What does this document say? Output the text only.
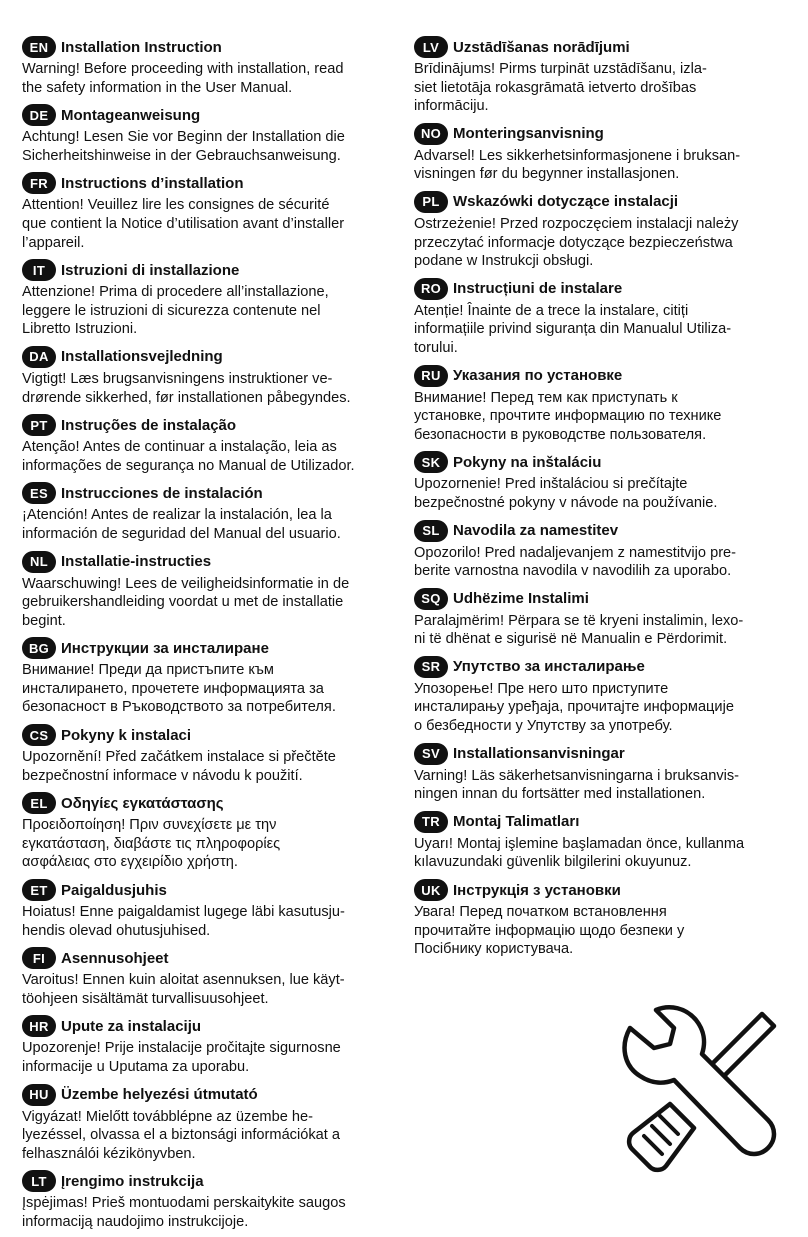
EN Installation Instruction
Warning! Before proceeding with installation, read
the safety information in the User Manual.
DE Montageanweisung
Achtung! Lesen Sie vor Beginn der Installation die
Sicherheitshinweise in der Gebrauchsanweisung.
FR Instructions d’installation
Attention! Veuillez lire les consignes de sécurité
que contient la Notice d’utilisation avant d’installer
l’appareil.
IT	Istruzioni di installazione
Attenzione! Prima di procedere all’installazione,
leggere le istruzioni di sicurezza contenute nel
Libretto Istruzioni.
DA Installationsvejledning
Vigtigt! Læs brugsanvisningens instruktioner ve-
drørende sikkerhed, før installationen påbegyndes.
PT Instruções de instalação
Atenção! Antes de continuar a instalação, leia as
informações de segurança no Manual de Utilizador.
ES Instrucciones de instalación
¡Atención! Antes de realizar la instalación, lea la
información de seguridad del Manual del usuario.
NL Installatie-instructies
Waarschuwing! Lees de veiligheidsinformatie in de
gebruikershandleiding voordat u met de installatie
begint.
BG Инструкции за инсталиране
Внимание! Преди да пристъпите към
инсталирането, прочетете информацията за
безопасност в Ръководството за потребителя.
CS Pokyny k instalaci
Upozornění! Před začátkem instalace si přečtěte
bezpečnostní informace v návodu k použití.
EL Οδηγίες εγκατάστασης
Προειδοποίηση! Πριν συνεχίσετε με την
εγκατάσταση, διαβάστε τις πληροφορίες
ασφάλειας στο εγχειρίδιο χρήστη.
ET Paigaldusjuhis
Hoiatus! Enne paigaldamist lugege läbi kasutusju-
hendis olevad ohutusjuhised.
FI	Asennusohjeet
Varoitus! Ennen kuin aloitat asennuksen, lue käyt-
töohjeen sisältämät turvallisuusohjeet.
HR Upute za instalaciju
Upozorenje! Prije instalacije pročitajte sigurnosne
informacije u Uputama za uporabu.
HU Üzembe helyezési útmutató
Vigyázat! Mielőtt továbblépne az üzembe he-
lyezéssel, olvassa el a biztonsági információkat a
felhasználói kézikönyvben.
LT Įrengimo instrukcija
Įspėjimas! Prieš montuodami perskaitykite saugos
informaciją naudojimo instrukcijoje.
LV Uzstādīšanas norādījumi
Brīdinājums! Pirms turpināt uzstādīšanu, izla-
siet lietotāja rokasgrāmatā ietverto drošības
informāciju.
NO Monteringsanvisning
Advarsel! Les sikkerhetsinformasjonene i bruksan-
visningen før du begynner installasjonen.
PL Wskazówki dotyczące instalacji
Ostrzeżenie! Przed rozpoczęciem instalacji należy
przeczytać informacje dotyczące bezpieczeństwa
podane w Instrukcji obsługi.
RO Instrucțiuni de instalare
Atenție! Înainte de a trece la instalare, citiți
informațiile privind siguranța din Manualul Utiliza-
torului.
RU Указания по установке
Внимание! Перед тем как приступать к
установке, прочтите информацию по технике
безопасности в руководстве пользователя.
SK Pokyny na inštaláciu
Upozornenie! Pred inštaláciou si prečítajte
bezpečnostné pokyny v návode na používanie.
SL Navodila za namestitev
Opozorilo! Pred nadaljevanjem z namestitvijo pre-
berite varnostna navodila v navodilih za uporabo.
SQ Udhëzime Instalimi
Paralajmërim! Përpara se të kryeni instalimin, lexo-
ni të dhënat e sigurisë në Manualin e Përdorimit.
SR Упутство за инсталирање
Упозорење! Пре него што приступите
инсталирању уређаја, прочитајте информације
о безбедности у Упутству за употребу.
SV Installationsanvisningar
Varning! Läs säkerhetsanvisningarna i bruksanvis-
ningen innan du fortsätter med installationen.
TR Montaj Talimatları
Uyarı! Montaj işlemine başlamadan önce, kullanma
kılavuzundaki güvenlik bilgilerini okuyunuz.
UK Інструкція з установки
Увага! Перед початком встановлення
прочитайте інформацію щодо безпеки у
Посібнику користувача.
